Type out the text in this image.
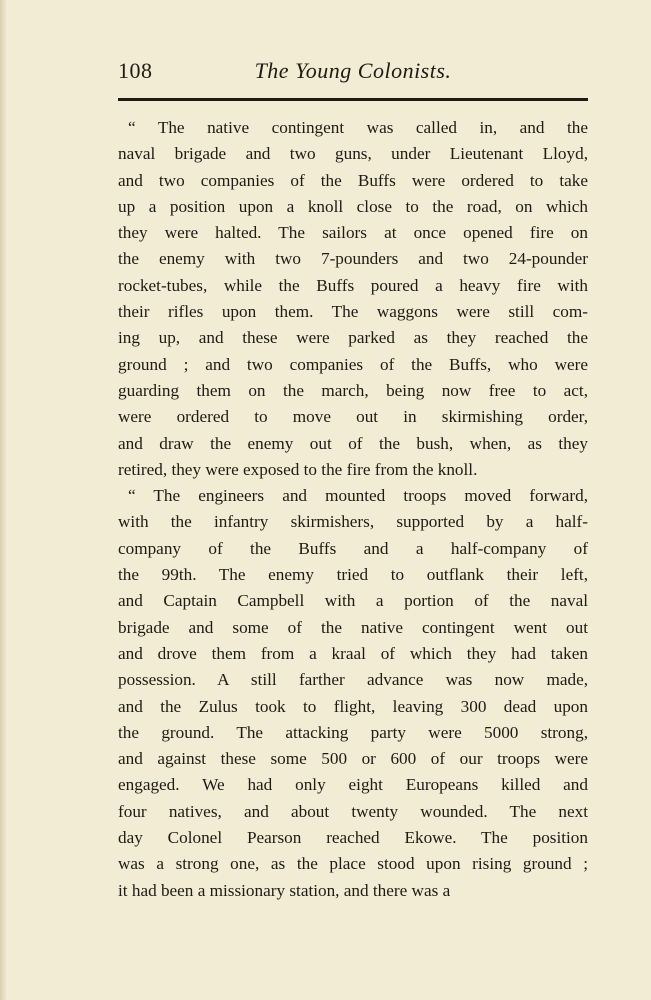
108	The Young Colonists.
“ The native contingent was called in, and the
naval brigade and two guns, under Lieutenant Lloyd,
and two companies of the Buffs were ordered to take
up a position upon a knoll close to the road, on which
they were halted. The sailors at once opened fire on
the enemy with two 7-pounders and two 24-pounder
rocket-tubes, while the Buffs poured a heavy fire with
their rifles upon them. The waggons were still com-
ing up, and these were parked as they reached the
ground ; and two companies of the Buffs, who were
guarding them on the march, being now free to act,
were ordered to move out in skirmishing order,
and draw the enemy out of the bush, when, as they
retired, they were exposed to the fire from the knoll.
“ The engineers and mounted troops moved forward,
with the infantry skirmishers, supported by a half-
company of the Buffs and a half-company of
the 99th. The enemy tried to outflank their left,
and Captain Campbell with a portion of the naval
brigade and some of the native contingent went out
and drove them from a kraal of which they had taken
possession. A still farther advance was now made,
and the Zulus took to flight, leaving 300 dead upon
the ground. The attacking party were 5000 strong,
and against these some 500 or 600 of our troops were
engaged. We had only eight Europeans killed and
four natives, and about twenty wounded. The next
day Colonel Pearson reached Ekowe. The position
was a strong one, as the place stood upon rising ground ;
it had been a missionary station, and there was a
